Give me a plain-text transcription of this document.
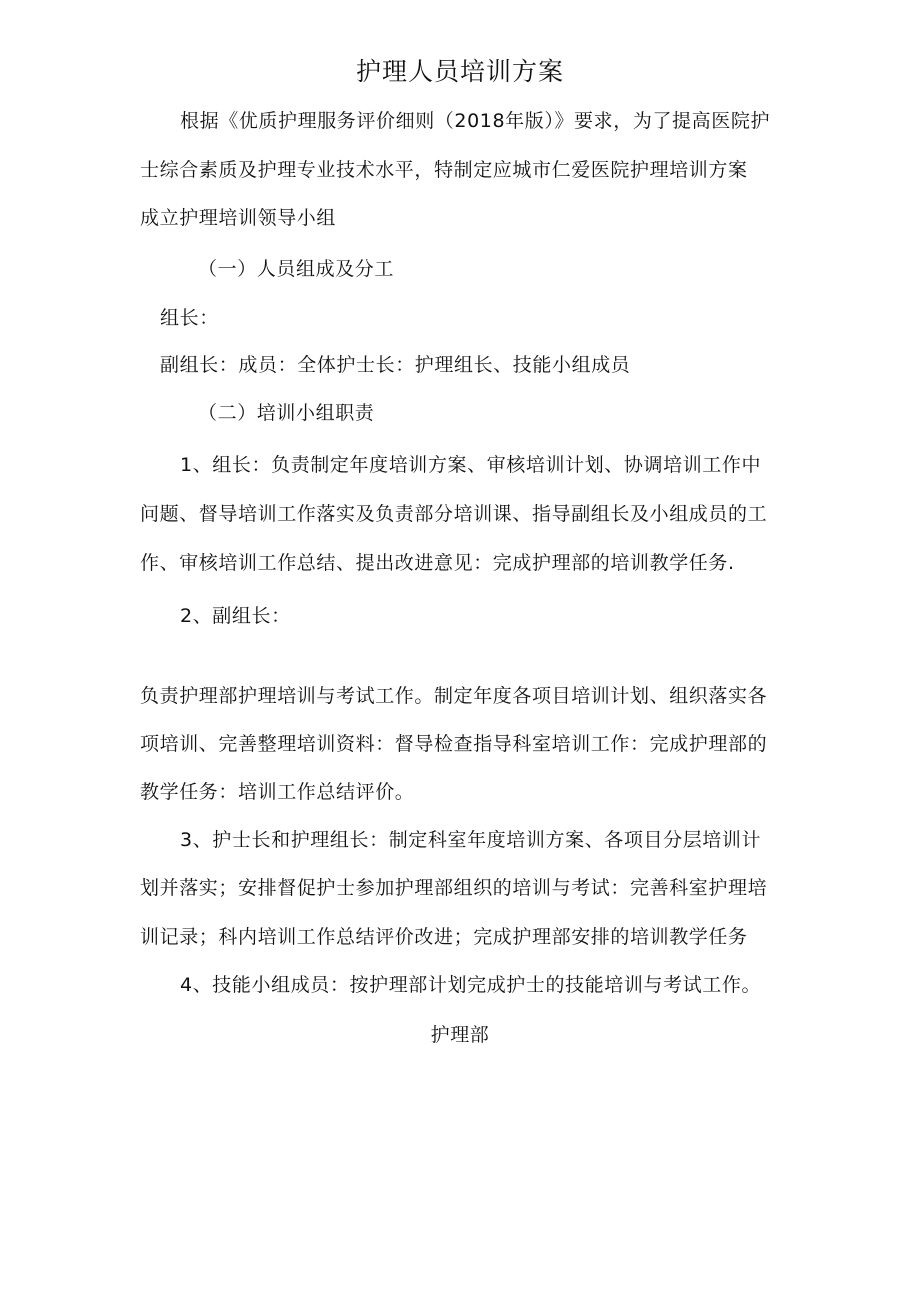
护理人员培训方案
根据《优质护理服务评价细则（2018年版）》要求，为了提高医院护
士综合素质及护理专业技术水平，特制定应城市仁爱医院护理培训方案
成立护理培训领导小组
（一）人员组成及分工
组长：
副组长：成员：全体护士长：护理组长、技能小组成员
（二）培训小组职责
1、组长：负责制定年度培训方案、审核培训计划、协调培训工作中
问题、督导培训工作落实及负责部分培训课、指导副组长及小组成员的工
作、审核培训工作总结、提出改进意见：完成护理部的培训教学任务.
2、副组长：
负责护理部护理培训与考试工作。制定年度各项目培训计划、组织落实各
项培训、完善整理培训资料：督导检查指导科室培训工作：完成护理部的
教学任务：培训工作总结评价。
3、护士长和护理组长：制定科室年度培训方案、各项目分层培训计
划并落实；安排督促护士参加护理部组织的培训与考试：完善科室护理培
训记录；科内培训工作总结评价改进；完成护理部安排的培训教学任务
4、技能小组成员：按护理部计划完成护士的技能培训与考试工作。
护理部
